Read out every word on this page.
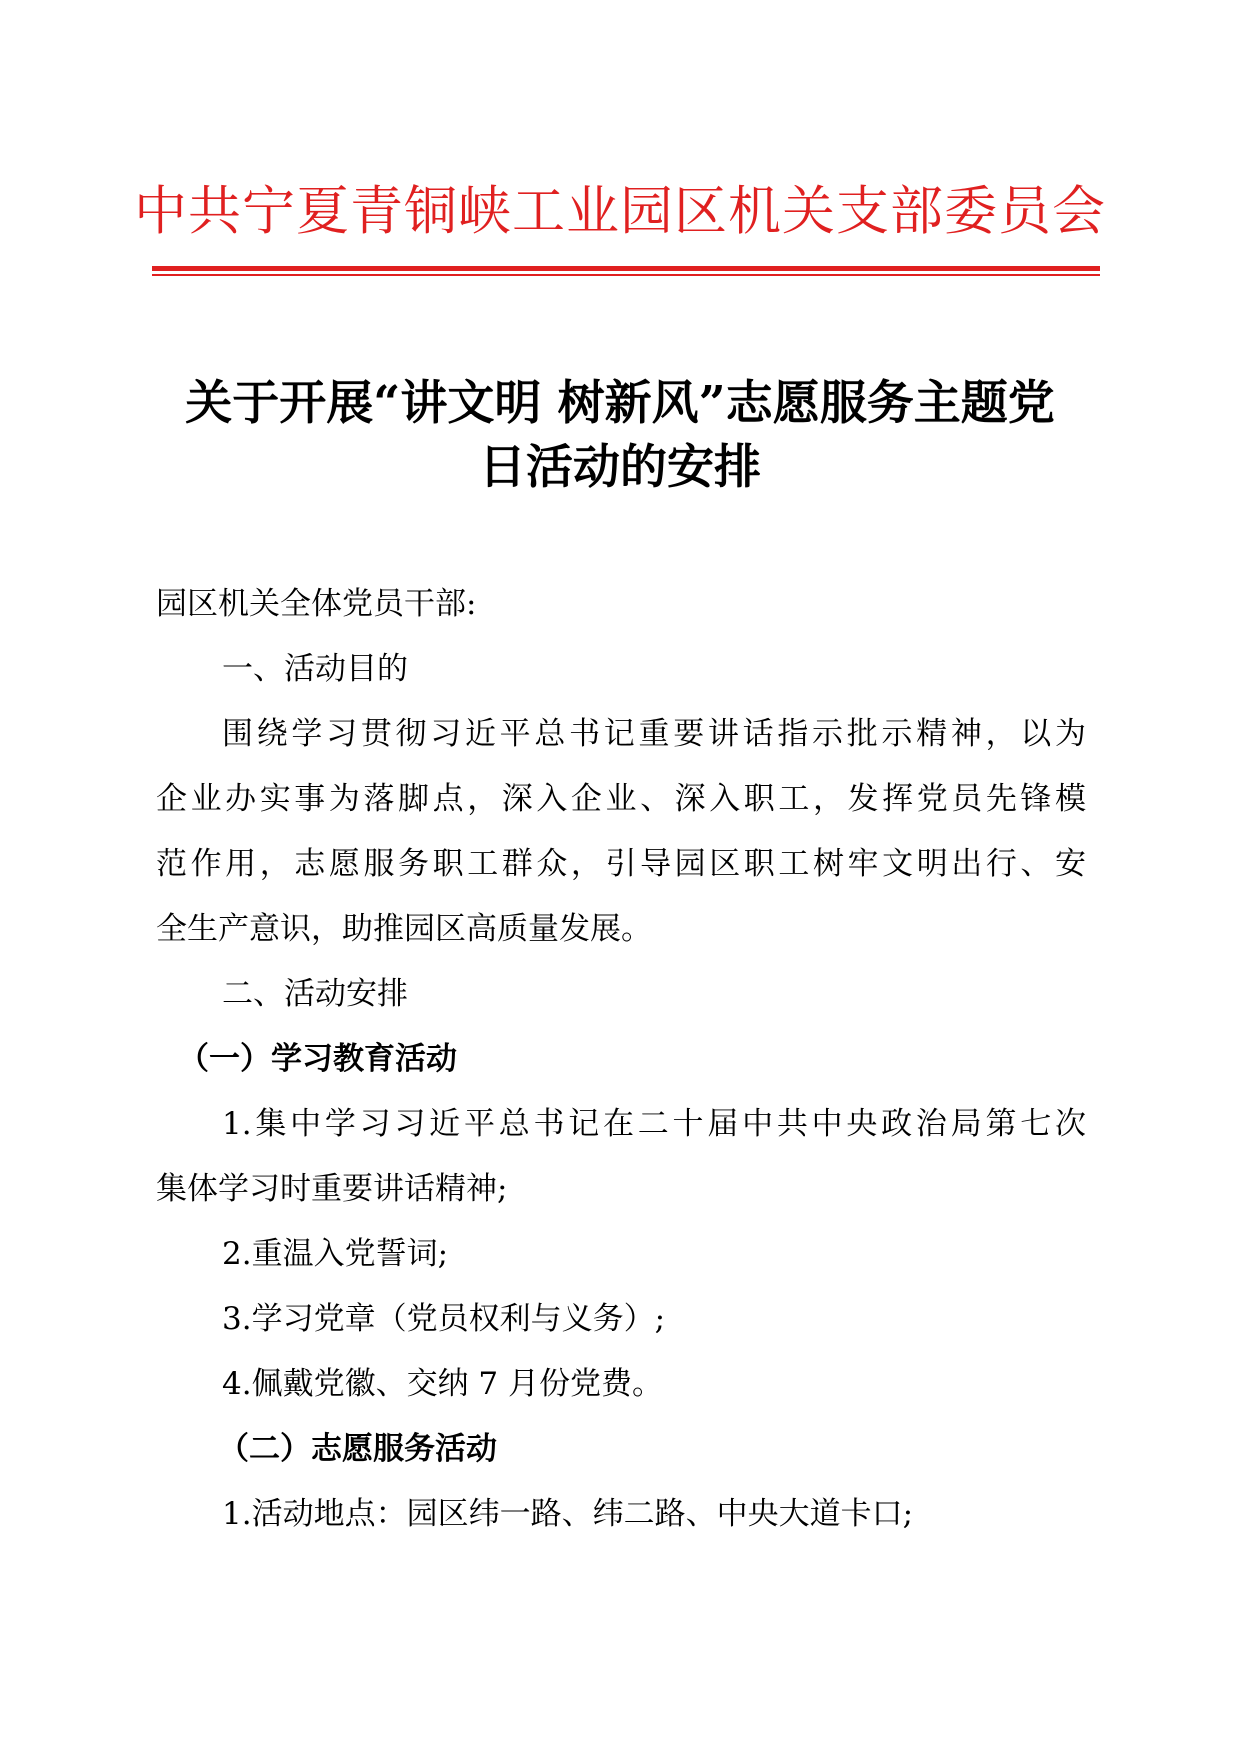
中共宁夏青铜峡工业园区机关支部委员会
关于开展“讲文明 树新风”志愿服务主题党
日活动的安排
园区机关全体党员干部:
一、活动目的
围绕学习贯彻习近平总书记重要讲话指示批示精神，以为
企业办实事为落脚点，深入企业、深入职工，发挥党员先锋模
范作用，志愿服务职工群众，引导园区职工树牢文明出行、安
全生产意识，助推园区高质量发展。
二、活动安排
（一）学习教育活动
1.集中学习习近平总书记在二十届中共中央政治局第七次
集体学习时重要讲话精神;
2.重温入党誓词;
3.学习党章（党员权利与义务）;
4.佩戴党徽、交纳 7 月份党费。
（二）志愿服务活动
1.活动地点：园区纬一路、纬二路、中央大道卡口;
